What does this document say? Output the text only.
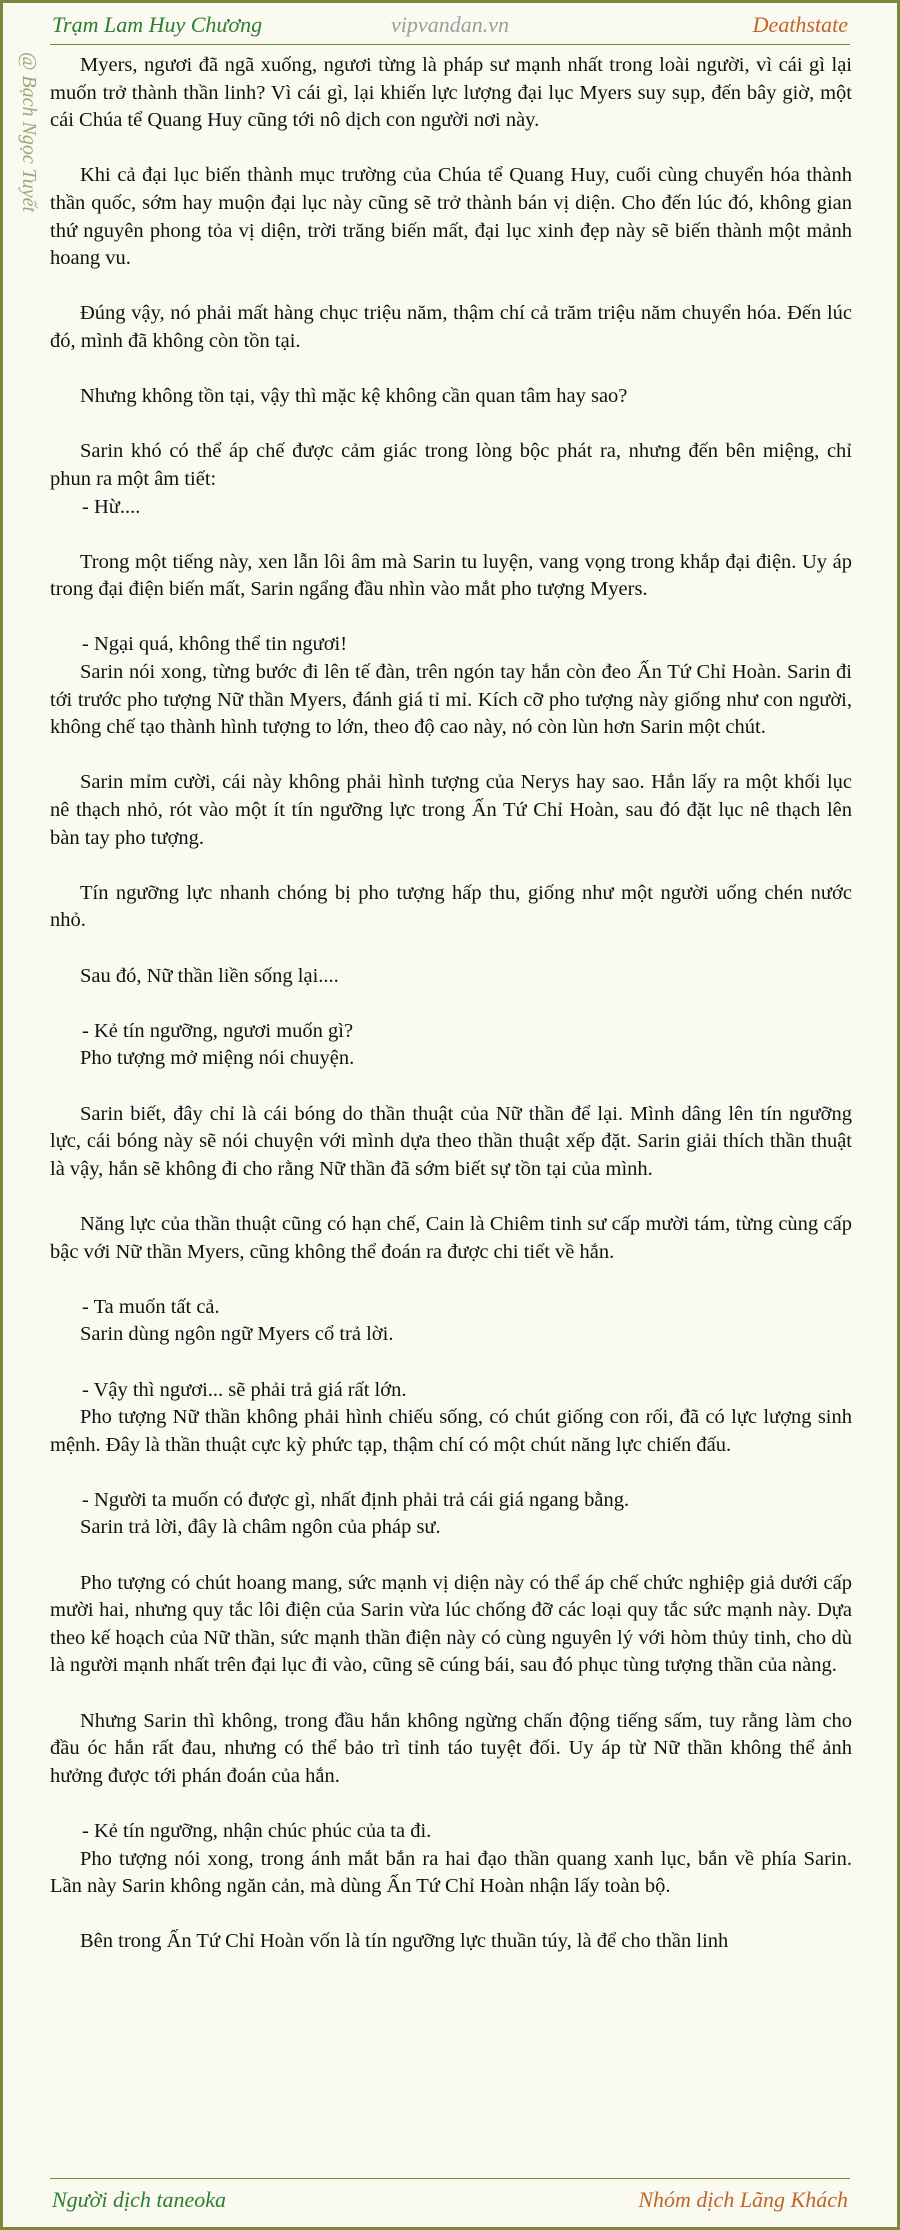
Trạm Lam Huy Chương	vipvandan.vn	Deathstate
@ Bạch Ngọc Tuyết	Myers, ngươi đã ngã xuống, ngươi từng là pháp sư mạnh nhất trong loài người, vì cái gì lại muốn trở thành thần linh? Vì cái gì, lại khiến lực lượng đại lục Myers suy sụp, đến bây giờ, một cái Chúa tể Quang Huy cũng tới nô dịch con người nơi này.

Khi cả đại lục biến thành mục trường của Chúa tể Quang Huy, cuối cùng chuyển hóa thành thần quốc, sớm hay muộn đại lục này cũng sẽ trở thành bán vị diện. Cho đến lúc đó, không gian thứ nguyên phong tỏa vị diện, trời trăng biến mất, đại lục xinh đẹp này sẽ biến thành một mảnh hoang vu.

Đúng vậy, nó phải mất hàng chục triệu năm, thậm chí cả trăm triệu năm chuyển hóa. Đến lúc đó, mình đã không còn tồn tại.

Nhưng không tồn tại, vậy thì mặc kệ không cần quan tâm hay sao?

Sarin khó có thể áp chế được cảm giác trong lòng bộc phát ra, nhưng đến bên miệng, chỉ phun ra một âm tiết:

- Hừ....

Trong một tiếng này, xen lẫn lôi âm mà Sarin tu luyện, vang vọng trong khắp đại điện. Uy áp trong đại điện biến mất, Sarin ngẩng đầu nhìn vào mắt pho tượng Myers.

- Ngại quá, không thể tin ngươi!

Sarin nói xong, từng bước đi lên tế đàn, trên ngón tay hắn còn đeo Ấn Tứ Chỉ Hoàn. Sarin đi tới trước pho tượng Nữ thần Myers, đánh giá tỉ mỉ. Kích cỡ pho tượng này giống như con người, không chế tạo thành hình tượng to lớn, theo độ cao này, nó còn lùn hơn Sarin một chút.

Sarin mỉm cười, cái này không phải hình tượng của Nerys hay sao. Hắn lấy ra một khối lục nê thạch nhỏ, rót vào một ít tín ngưỡng lực trong Ấn Tứ Chỉ Hoàn, sau đó đặt lục nê thạch lên bàn tay pho tượng.

Tín ngưỡng lực nhanh chóng bị pho tượng hấp thu, giống như một người uống chén nước nhỏ.

Sau đó, Nữ thần liền sống lại....

- Kẻ tín ngưỡng, ngươi muốn gì?

Pho tượng mở miệng nói chuyện.

Sarin biết, đây chỉ là cái bóng do thần thuật của Nữ thần để lại. Mình dâng lên tín ngưỡng lực, cái bóng này sẽ nói chuyện với mình dựa theo thần thuật xếp đặt. Sarin giải thích thần thuật là vậy, hắn sẽ không đi cho rằng Nữ thần đã sớm biết sự tồn tại của mình.

Năng lực của thần thuật cũng có hạn chế, Cain là Chiêm tinh sư cấp mười tám, từng cùng cấp bậc với Nữ thần Myers, cũng không thể đoán ra được chi tiết về hắn.

- Ta muốn tất cả.

Sarin dùng ngôn ngữ Myers cổ trả lời.

- Vậy thì ngươi... sẽ phải trả giá rất lớn.

Pho tượng Nữ thần không phải hình chiếu sống, có chút giống con rối, đã có lực lượng sinh mệnh. Đây là thần thuật cực kỳ phức tạp, thậm chí có một chút năng lực chiến đấu.

- Người ta muốn có được gì, nhất định phải trả cái giá ngang bằng.

Sarin trả lời, đây là châm ngôn của pháp sư.

Pho tượng có chút hoang mang, sức mạnh vị diện này có thể áp chế chức nghiệp giả dưới cấp mười hai, nhưng quy tắc lôi điện của Sarin vừa lúc chống đỡ các loại quy tắc sức mạnh này. Dựa theo kế hoạch của Nữ thần, sức mạnh thần điện này có cùng nguyên lý với hòm thủy tinh, cho dù là người mạnh nhất trên đại lục đi vào, cũng sẽ cúng bái, sau đó phục tùng tượng thần của nàng.

Nhưng Sarin thì không, trong đầu hắn không ngừng chấn động tiếng sấm, tuy rằng làm cho đầu óc hắn rất đau, nhưng có thể bảo trì tỉnh táo tuyệt đối. Uy áp từ Nữ thần không thể ảnh hưởng được tới phán đoán của hắn.

- Kẻ tín ngưỡng, nhận chúc phúc của ta đi.

Pho tượng nói xong, trong ánh mắt bắn ra hai đạo thần quang xanh lục, bắn về phía Sarin. Lần này Sarin không ngăn cản, mà dùng Ấn Tứ Chỉ Hoàn nhận lấy toàn bộ.

Bên trong Ấn Tứ Chỉ Hoàn vốn là tín ngưỡng lực thuần túy, là để cho thần linh

Người dịch taneoka	Nhóm dịch Lãng Khách
